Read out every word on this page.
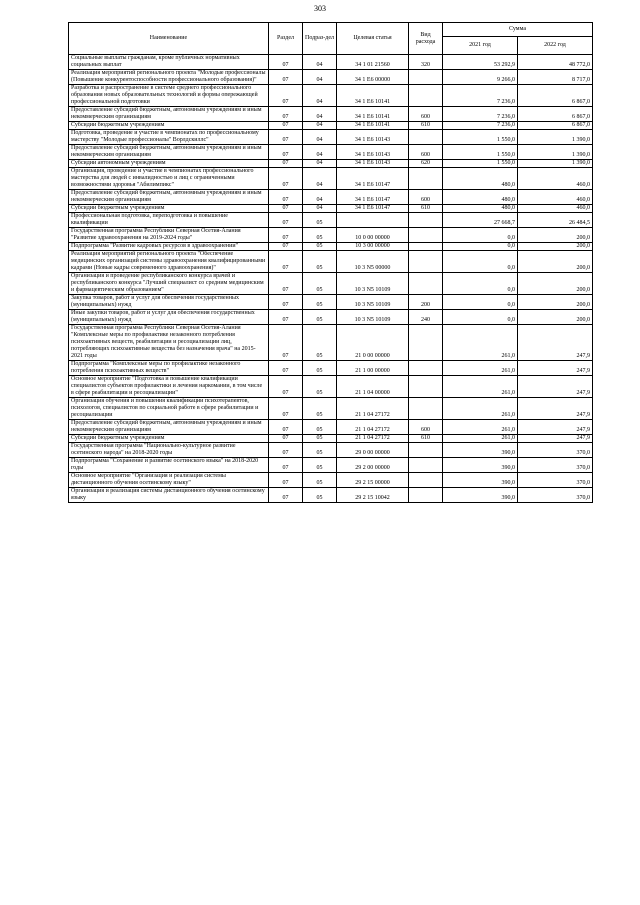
303
Наименование	Раздел	Подраз-дел	Целевая статья	Вид расхода	Сумма	
					2021 год	2022 год
Социальные выплаты гражданам, кроме публичных нормативных социальных выплат	07	04	34 1 01 21560	320	53 292,9	48 772,0
Реализация мероприятий регионального проекта "Молодые профессионалы (Повышение конкурентоспособности профессионального образования)"	07	04	34 1 Е6 00000		9 266,0	8 717,0
Разработка и распространение в системе среднего профессионального образования новых образовательных технологий и формы опережающей профессиональной подготовки	07	04	34 1 Е6 10141		7 236,0	6 867,0
Предоставление субсидий бюджетным, автономным учреждениям и иным некоммерческим организациям	07	04	34 1 Е6 10141	600	7 236,0	6 867,0
Субсидии бюджетным учреждениям	07	04	34 1 Е6 10141	610	7 236,0	6 867,0
Подготовка, проведение и участие в чемпионатах по профессиональному мастерству "Молодые профессионалы" Ворлдскиллс"	07	04	34 1 Е6 10143		1 550,0	1 390,0
Предоставление субсидий бюджетным, автономным учреждениям и иным некоммерческим организациям	07	04	34 1 Е6 10143	600	1 550,0	1 390,0
Субсидии автономным учреждениям	07	04	34 1 Е6 10143	620	1 550,0	1 390,0
Организация, проведение и участие в чемпионатах профессионального мастерства для людей с инвалидностью и лиц с ограниченными возможностями здоровья "Абилимпикс"	07	04	34 1 Е6 10147		480,0	460,0
Предоставление субсидий бюджетным, автономным учреждениям и иным некоммерческим организациям	07	04	34 1 Е6 10147	600	480,0	460,0
Субсидии бюджетным учреждениям	07	04	34 1 Е6 10147	610	480,0	460,0
Профессиональная подготовка, переподготовка и повышение квалификации	07	05			27 668,7	26 484,5
Государственная программа Республики Северная Осетия-Алания "Развитие здравоохранения на 2019-2024 годы"	07	05	10 0 00 00000		0,0	200,0
Подпрограмма "Развитие кадровых ресурсов в здравоохранении"	07	05	10 3 00 00000		0,0	200,0
Реализация мероприятий регионального проекта "Обеспечение медицинских организаций системы здравоохранения квалифицированными кадрами (Новые кадры современного здравоохранения)"	07	05	10 3 N5 00000		0,0	200,0
Организация и проведение республиканского конкурса врачей и республиканского конкурса "Лучший специалист со средним медицинским и фармацевтическим образованием"	07	05	10 3 N5 10109		0,0	200,0
Закупка товаров, работ и услуг для обеспечения государственных (муниципальных) нужд	07	05	10 3 N5 10109	200	0,0	200,0
Иные закупки товаров, работ и услуг для обеспечения государственных (муниципальных) нужд	07	05	10 3 N5 10109	240	0,0	200,0
Государственная программа Республики Северная Осетия-Алания "Комплексные меры по профилактике незаконного потребления психоактивных веществ, реабилитации и ресоциализации лиц, потребляющих психоактивные вещества без назначения врача" на 2015-2021 годы	07	05	21 0 00 00000		261,0	247,9
Подпрограмма "Комплексные меры по профилактике незаконного потребления психоактивных веществ"	07	05	21 1 00 00000		261,0	247,9
Основное мероприятие "Подготовка и повышение квалификации специалистов субъектов профилактики и лечения наркомании, в том числе в сфере реабилитации и ресоциализации"	07	05	21 1 04 00000		261,0	247,9
Организация обучения и повышения квалификации психотерапевтов, психологов, специалистов по социальной работе в сфере реабилитации и ресоциализации	07	05	21 1 04 27172		261,0	247,9
Предоставление субсидий бюджетным, автономным учреждениям и иным некоммерческим организациям	07	05	21 1 04 27172	600	261,0	247,9
Субсидии бюджетным учреждениям	07	05	21 1 04 27172	610	261,0	247,9
Государственная программа "Национально-культурное развитие осетинского народа" на 2018-2020 годы	07	05	29 0 00 00000		390,0	370,0
Подпрограмма "Сохранение и развитие осетинского языка" на 2018-2020 годы	07	05	29 2 00 00000		390,0	370,0
Основное мероприятие "Организация и реализация системы дистанционного обучения осетинскому языку"	07	05	29 2 15 00000		390,0	370,0
Организация и реализация системы дистанционного обучения осетинскому языку	07	05	29 2 15 10042		390,0	370,0
